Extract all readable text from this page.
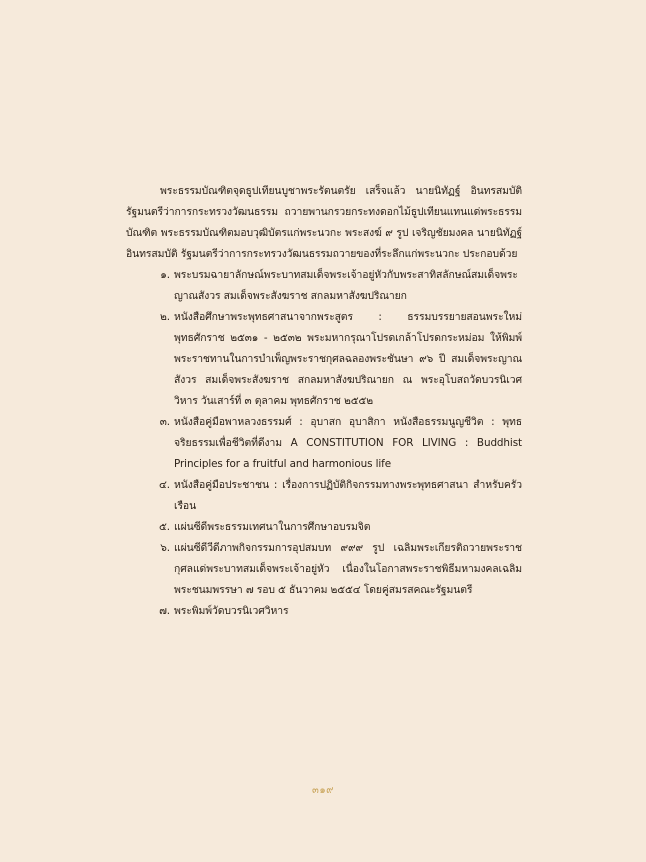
พระธรรมบัณฑิตจุดธูปเทียนบูชาพระรัตนตรัย เสร็จแล้ว นายนิทัฏฐ์ อินทรสมบัติ รัฐมนตรีว่าการกระทรวงวัฒนธรรม ถวายพานกรวยกระทงดอกไม้ธูปเทียนแทนแด่พระธรรมบัณฑิต พระธรรมบัณฑิตมอบวุฒิบัตรแก่พระนวกะ พระสงฆ์ ๙ รูป เจริญชัยมงคล นายนิทัฏฐ์ อินทรสมบัติ รัฐมนตรีว่าการกระทรวงวัฒนธรรมถวายของที่ระลึกแก่พระนวกะ ประกอบด้วย

๑. พระบรมฉายาลักษณ์พระบาทสมเด็จพระเจ้าอยู่หัวกับพระสาทิสลักษณ์สมเด็จพระญาณสังวร สมเด็จพระสังฆราช สกลมหาสังฆปริณายก
๒. หนังสือศึกษาพระพุทธศาสนาจากพระสูตร : ธรรมบรรยายสอนพระใหม่ พุทธศักราช ๒๕๓๑ - ๒๕๓๒ พระมหากรุณาโปรดเกล้าโปรดกระหม่อม ให้พิมพ์พระราชทานในการบำเพ็ญพระราชกุศลฉลองพระชันษา ๙๖ ปี สมเด็จพระญาณสังวร สมเด็จพระสังฆราช สกลมหาสังฆปริณายก ณ พระอุโบสถวัดบวรนิเวศวิหาร วันเสาร์ที่ ๓ ตุลาคม พุทธศักราช ๒๕๕๒
๓. หนังสือคู่มือพาหลวงธรรมศ์ : อุบาสก อุบาสิกา หนังสือธรรมนูญชีวิต : พุทธจริยธรรมเพื่อชีวิตที่ดีงาม A CONSTITUTION FOR LIVING : Buddhist Principles for a fruitful and harmonious life
๔. หนังสือคู่มือประชาชน : เรื่องการปฏิบัติกิจกรรมทางพระพุทธศาสนา สำหรับครัวเรือน
๕. แผ่นซีดีพระธรรมเทศนาในการศึกษาอบรมจิต
๖. แผ่นซีดีวีดีภาพกิจกรรมการอุปสมบท ๙๙๙ รูป เฉลิมพระเกียรติถวายพระราชกุศลแด่พระบาทสมเด็จพระเจ้าอยู่หัว เนื่องในโอกาสพระราชพิธีมหามงคลเฉลิมพระชนมพรรษา ๗ รอบ ๕ ธันวาคม ๒๕๕๔ โดยคู่สมรสคณะรัฐมนตรี
๗. พระพิมพ์วัดบวรนิเวศวิหาร
๓๑๙
